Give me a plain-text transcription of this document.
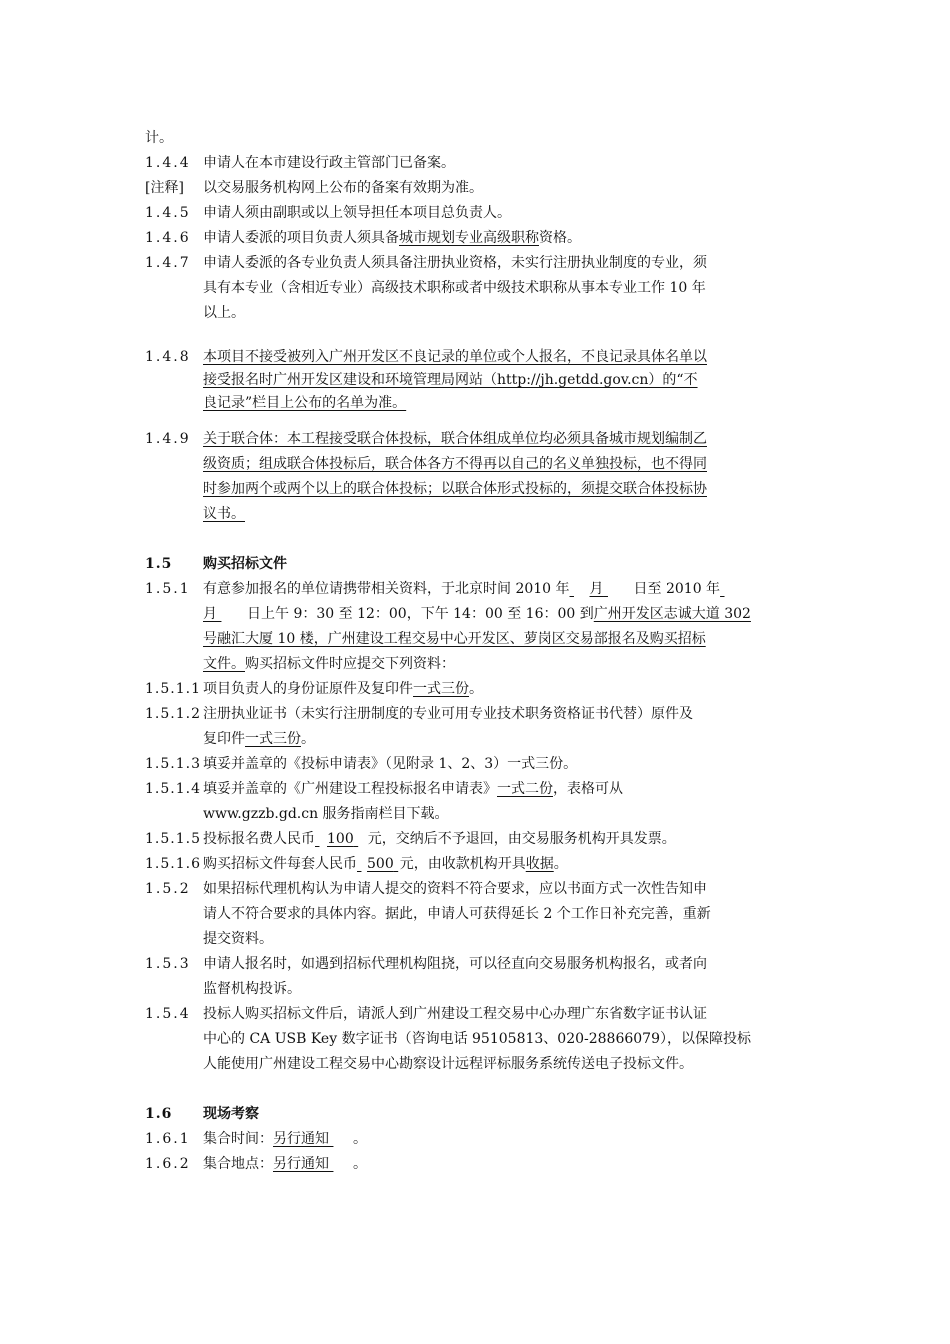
计。
1.4.4 申请人在本市建设行政主管部门已备案。
[注释] 以交易服务机构网上公布的备案有效期为准。
1.4.5 申请人须由副职或以上领导担任本项目总负责人。
1.4.6 申请人委派的项目负责人须具备城市规划专业高级职称资格。
1.4.7 申请人委派的各专业负责人须具备注册执业资格，未实行注册执业制度的专业，须
具有本专业（含相近专业）高级技术职称或者中级技术职称从事本专业工作 10 年
以上。
1.4.8 本项目不接受被列入广州开发区不良记录的单位或个人报名，不良记录具体名单以
接受报名时广州开发区建设和环境管理局网站（http://jh.getdd.gov.cn）的“不
良记录”栏目上公布的名单为准。
1.4.9 关于联合体：本工程接受联合体投标，联合体组成单位均必须具备城市规划编制乙
级资质；组成联合体投标后，联合体各方不得再以自己的名义单独投标，也不得同
时参加两个或两个以上的联合体投标；以联合体形式投标的，须提交联合体投标协
议书。
1.5 购买招标文件
1.5.1 有意参加报名的单位请携带相关资料，于北京时间 2010 年 月 日至 2010 年
月 日上午 9：30 至 12：00，下午 14：00 至 16：00 到广州开发区志诚大道 302
号融汇大厦 10 楼，广州建设工程交易中心开发区、萝岗区交易部报名及购买招标
文件。购买招标文件时应提交下列资料：
1.5.1.1 项目负责人的身份证原件及复印件一式三份。
1.5.1.2 注册执业证书（未实行注册制度的专业可用专业技术职务资格证书代替）原件及
复印件一式三份。
1.5.1.3 填妥并盖章的《投标申请表》（见附录 1、2、3）一式三份。
1.5.1.4 填妥并盖章的《广州建设工程投标报名申请表》一式二份，表格可从
www.gzzb.gd.cn 服务指南栏目下载。
1.5.1.5 投标报名费人民币 100 元，交纳后不予退回，由交易服务机构开具发票。
1.5.1.6 购买招标文件每套人民币 500 元，由收款机构开具收据。
1.5.2 如果招标代理机构认为申请人提交的资料不符合要求，应以书面方式一次性告知申
请人不符合要求的具体内容。据此，申请人可获得延长 2 个工作日补充完善，重新
提交资料。
1.5.3 申请人报名时，如遇到招标代理机构阻挠，可以径直向交易服务机构报名，或者向
监督机构投诉。
1.5.4 投标人购买招标文件后，请派人到广州建设工程交易中心办理广东省数字证书认证
中心的 CA USB Key 数字证书（咨询电话 95105813、020-28866079），以保障投标
人能使用广州建设工程交易中心勘察设计远程评标服务系统传送电子投标文件。
1.6 现场考察
1.6.1 集合时间：另行通知 。
1.6.2 集合地点：另行通知 。
